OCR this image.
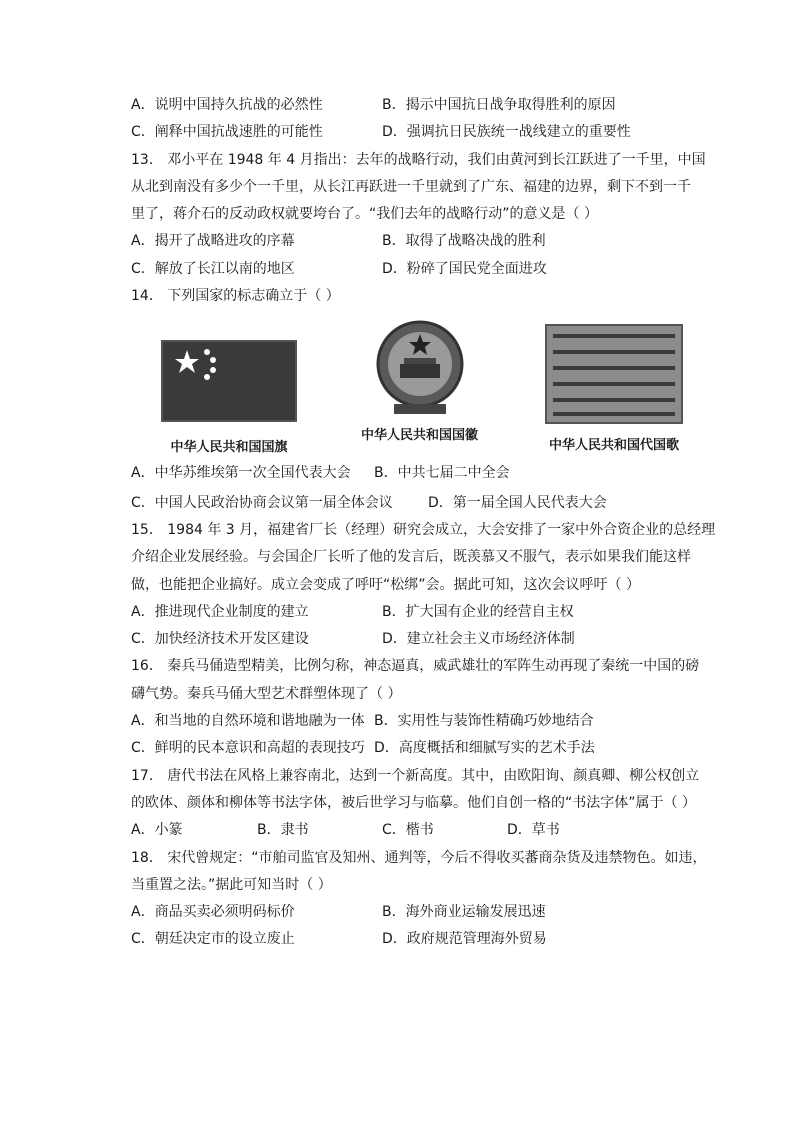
A．说明中国持久抗战的必然性	B．揭示中国抗日战争取得胜利的原因
C．阐释中国抗战速胜的可能性	D．强调抗日民族统一战线建立的重要性
13． 邓小平在 1948 年 4 月指出：去年的战略行动，我们由黄河到长江跃进了一千里，中国
从北到南没有多少个一千里，从长江再跃进一千里就到了广东、福建的边界，剩下不到一千
里了，蒋介石的反动政权就要垮台了。“我们去年的战略行动”的意义是（ ）
A．揭开了战略进攻的序幕	B．取得了战略决战的胜利
C．解放了长江以南的地区	D．粉碎了国民党全面进攻
14． 下列国家的标志确立于（ ）
中华人民共和国国旗
中华人民共和国国徽
中华人民共和国代国歌
A．中华苏维埃第一次全国代表大会 B．中共七届二中全会
C．中国人民政治协商会议第一届全体会议	D．第一届全国人民代表大会
15． 1984 年 3 月，福建省厂长（经理）研究会成立，大会安排了一家中外合资企业的总经理
介绍企业发展经验。与会国企厂长听了他的发言后，既羡慕又不服气，表示如果我们能这样
做，也能把企业搞好。成立会变成了呼吁“松绑”会。据此可知，这次会议呼吁（ ）
A．推进现代企业制度的建立	B．扩大国有企业的经营自主权
C．加快经济技术开发区建设	D．建立社会主义市场经济体制
16． 秦兵马俑造型精美，比例匀称，神态逼真，威武雄壮的军阵生动再现了秦统一中国的磅
礴气势。秦兵马俑大型艺术群塑体现了（ ）
A．和当地的自然环境和谐地融为一体 B．实用性与装饰性精确巧妙地结合
C．鲜明的民本意识和高超的表现技巧 D．高度概括和细腻写实的艺术手法
17． 唐代书法在风格上兼容南北，达到一个新高度。其中，由欧阳询、颜真卿、柳公权创立
的欧体、颜体和柳体等书法字体，被后世学习与临摹。他们自创一格的“书法字体”属于（ ）
A．小篆	B．隶书	C．楷书	D．草书
18． 宋代曾规定：“市舶司监官及知州、通判等，今后不得收买蕃商杂货及违禁物色。如违，
当重置之法。”据此可知当时（ ）
A．商品买卖必须明码标价	B．海外商业运输发展迅速
C．朝廷决定市的设立废止	D．政府规范管理海外贸易
